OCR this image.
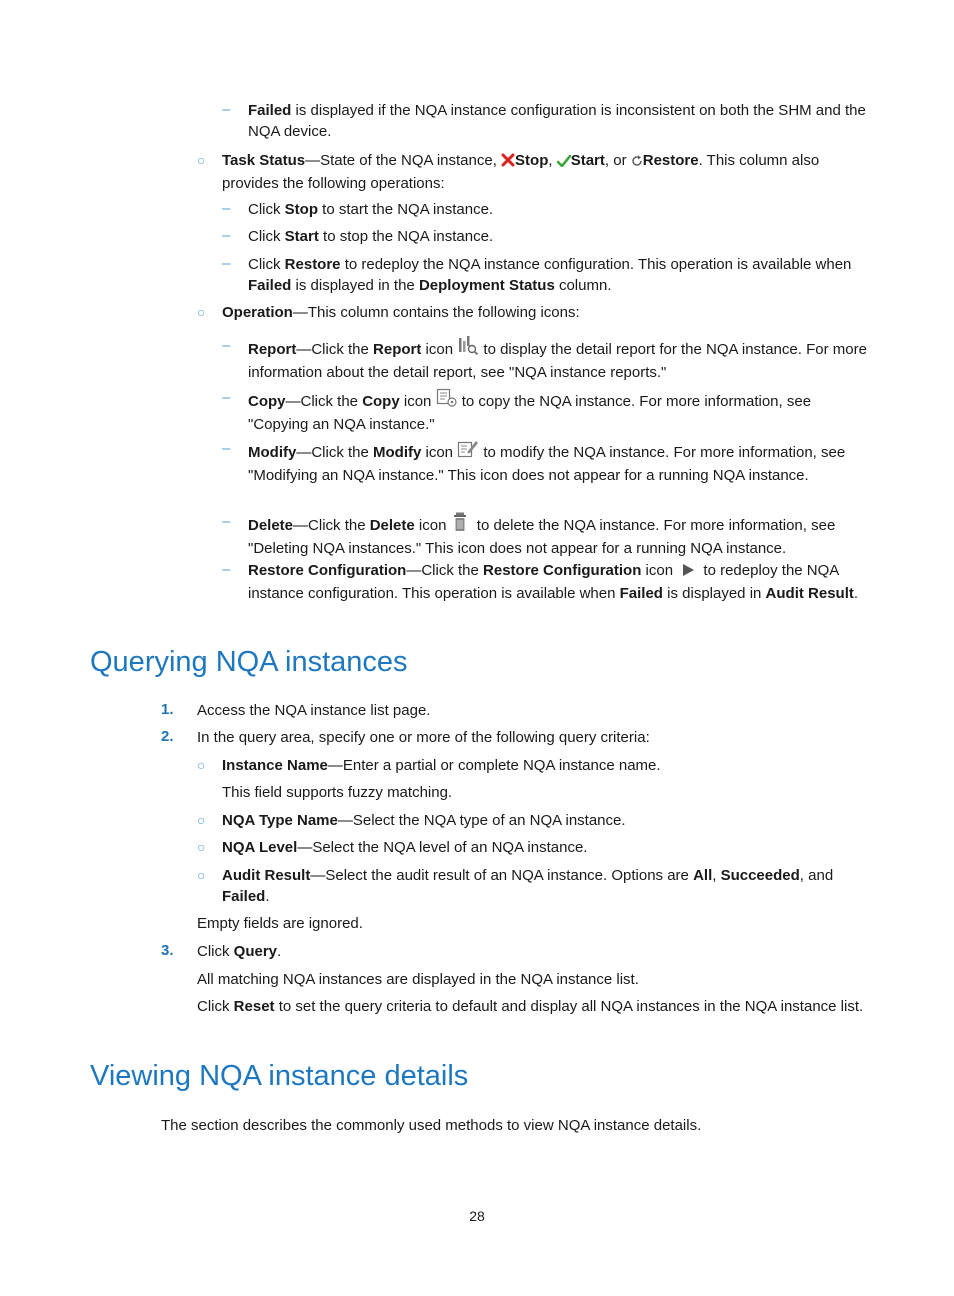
– Failed is displayed if the NQA instance configuration is inconsistent on both the SHM and the NQA device.
○ Task Status—State of the NQA instance, Stop, Start, or Restore. This column also provides the following operations:
– Click Stop to start the NQA instance.
– Click Start to stop the NQA instance.
– Click Restore to redeploy the NQA instance configuration. This operation is available when Failed is displayed in the Deployment Status column.
○ Operation—This column contains the following icons:
– Report—Click the Report icon  to display the detail report for the NQA instance. For more information about the detail report, see "NQA instance reports."
– Copy—Click the Copy icon  to copy the NQA instance. For more information, see "Copying an NQA instance."
– Modify—Click the Modify icon  to modify the NQA instance. For more information, see "Modifying an NQA instance." This icon does not appear for a running NQA instance.
– Delete—Click the Delete icon  to delete the NQA instance. For more information, see "Deleting NQA instances." This icon does not appear for a running NQA instance.
– Restore Configuration—Click the Restore Configuration icon  to redeploy the NQA instance configuration. This operation is available when Failed is displayed in Audit Result.
Querying NQA instances
1. Access the NQA instance list page.
2. In the query area, specify one or more of the following query criteria:
○ Instance Name—Enter a partial or complete NQA instance name.
This field supports fuzzy matching.
○ NQA Type Name—Select the NQA type of an NQA instance.
○ NQA Level—Select the NQA level of an NQA instance.
○ Audit Result—Select the audit result of an NQA instance. Options are All, Succeeded, and Failed.
Empty fields are ignored.
3. Click Query.
All matching NQA instances are displayed in the NQA instance list.
Click Reset to set the query criteria to default and display all NQA instances in the NQA instance list.
Viewing NQA instance details
The section describes the commonly used methods to view NQA instance details.
28
